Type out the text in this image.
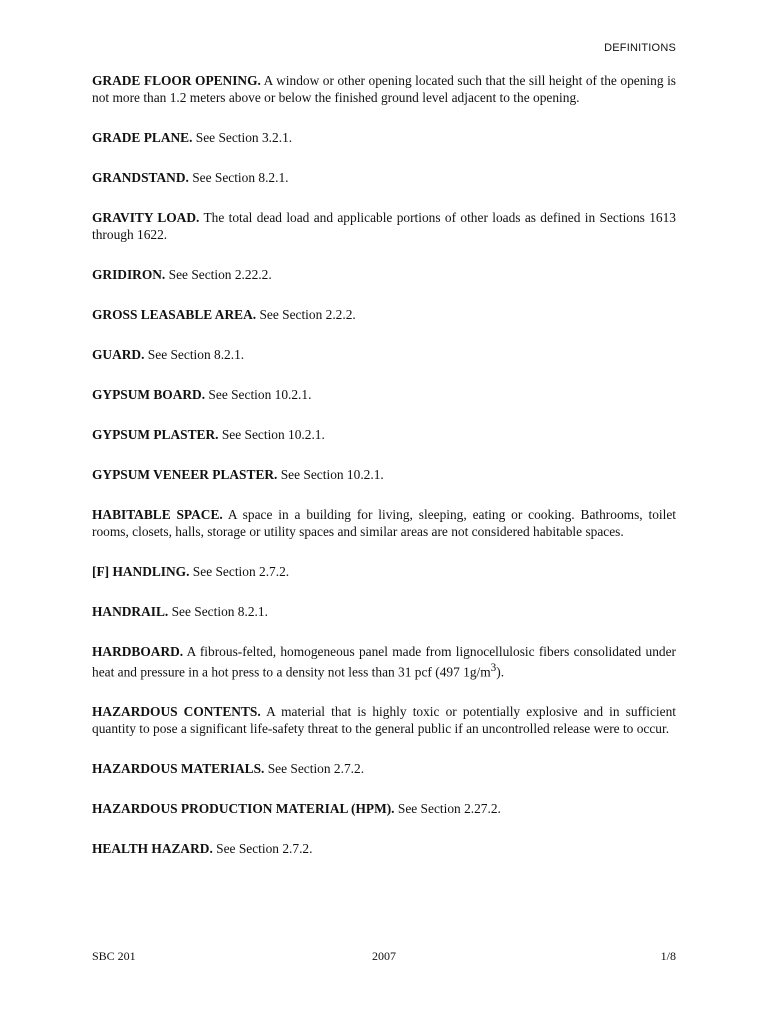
DEFINITIONS

GRADE FLOOR OPENING. A window or other opening located such that the sill height of the opening is not more than 1.2 meters above or below the finished ground level adjacent to the opening.

GRADE PLANE. See Section 3.2.1.

GRANDSTAND. See Section 8.2.1.

GRAVITY LOAD. The total dead load and applicable portions of other loads as defined in Sections 1613 through 1622.

GRIDIRON. See Section 2.22.2.

GROSS LEASABLE AREA. See Section 2.2.2.

GUARD. See Section 8.2.1.

GYPSUM BOARD. See Section 10.2.1.

GYPSUM PLASTER. See Section 10.2.1.

GYPSUM VENEER PLASTER. See Section 10.2.1.

HABITABLE SPACE. A space in a building for living, sleeping, eating or cooking. Bathrooms, toilet rooms, closets, halls, storage or utility spaces and similar areas are not considered habitable spaces.

[F] HANDLING. See Section 2.7.2.

HANDRAIL. See Section 8.2.1.

HARDBOARD. A fibrous-felted, homogeneous panel made from lignocellulosic fibers consolidated under heat and pressure in a hot press to a density not less than 31 pcf (497 $1g/m^3$).

HAZARDOUS CONTENTS. A material that is highly toxic or potentially explosive and in sufficient quantity to pose a significant life-safety threat to the general public if an uncontrolled release were to occur.

HAZARDOUS MATERIALS. See Section 2.7.2.

HAZARDOUS PRODUCTION MATERIAL (HPM). See Section 2.27.2.

HEALTH HAZARD. See Section 2.7.2.

SBC 201	2007	1/8
